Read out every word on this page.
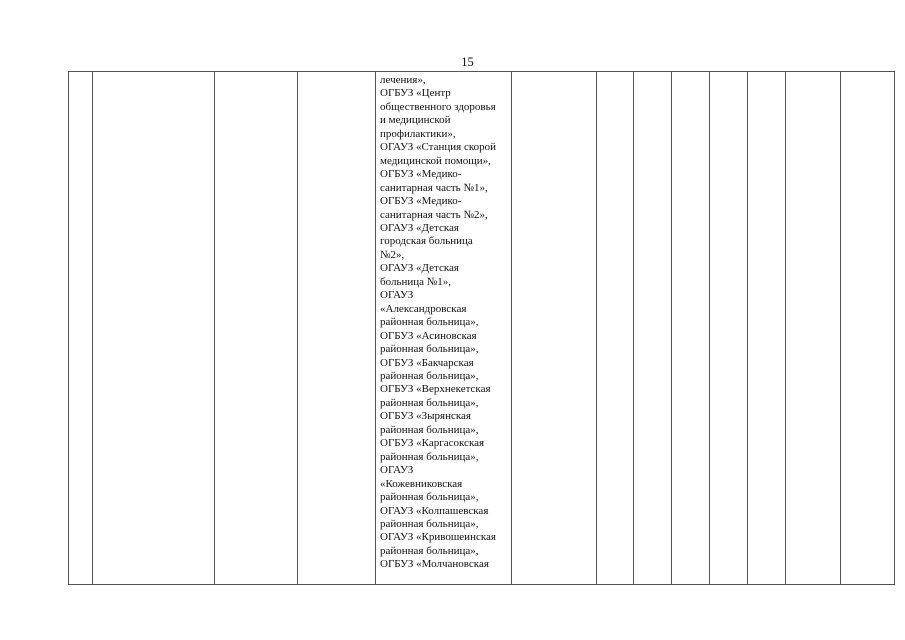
15

лечения»,
ОГБУЗ «Центр
общественного здоровья
и медицинской
профилактики»,
ОГАУЗ «Станция скорой
медицинской помощи»,
ОГБУЗ «Медико-
санитарная часть №1»,
ОГБУЗ «Медико-
санитарная часть №2»,
ОГАУЗ «Детская
городская больница
№2»,
ОГАУЗ «Детская
больница №1»,
ОГАУЗ
«Александровская
районная больница»,
ОГБУЗ «Асиновская
районная больница»,
ОГБУЗ «Бакчарская
районная больница»,
ОГБУЗ «Верхнекетская
районная больница»,
ОГБУЗ «Зырянская
районная больница»,
ОГБУЗ «Каргасокская
районная больница»,
ОГАУЗ
«Кожевниковская
районная больница»,
ОГАУЗ «Колпашевская
районная больница»,
ОГАУЗ «Кривошеинская
районная больница»,
ОГБУЗ «Молчановская
